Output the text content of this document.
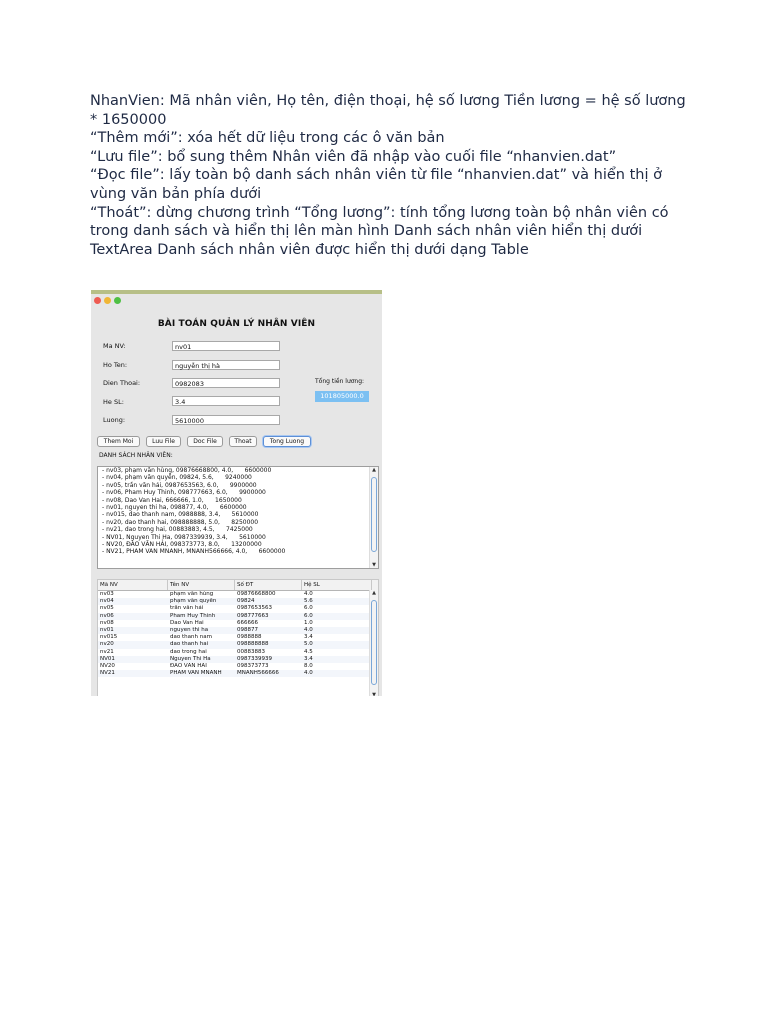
NhanVien: Mã nhân viên, Họ tên, điện thoại, hệ số lương Tiền lương = hệ số lương * 1650000

“Thêm mới”: xóa hết dữ liệu trong các ô văn bản

“Lưu file”: bổ sung thêm Nhân viên đã nhập vào cuối file “nhanvien.dat”

“Đọc file”: lấy toàn bộ danh sách nhân viên từ file “nhanvien.dat” và hiển thị ở vùng văn bản phía dưới

“Thoát”: dừng chương trình “Tổng lương”: tính tổng lương toàn bộ nhân viên có trong danh sách và hiển thị lên màn hình Danh sách nhân viên hiển thị dưới TextArea Danh sách nhân viên được hiển thị dưới dạng Table

BÀI TOÁN QUẢN LÝ NHÂN VIÊN
Ma NV:	nv01
Ho Ten:	nguyễn thị hà
Dien Thoai:	0982083
He SL:	3.4
Luong:	5610000
Tổng tiền lương:
101805000.0
Them Moi	Luu File	Doc File	Thoat	Tong Luong
DANH SÁCH NHÂN VIÊN:
- nv03, phạm văn hùng, 09876668800, 4.0,      6600000
- nv04, phạm văn quyền, 09824, 5.6,      9240000
- nv05, trần văn hải, 0987653563, 6.0,      9900000
- nv06, Pham Huy Thinh, 098777663, 6.0,      9900000
- nv08, Dao Van Hai, 666666, 1.0,      1650000
- nv01, nguyen thi ha, 098877, 4.0,      6600000
- nv015, dao thanh nam, 0988888, 3.4,      5610000
- nv20, dao thanh hai, 098888888, 5.0,      8250000
- nv21, dao trong hai, 00883883, 4.5,      7425000
- NV01, Nguyen Thi Ha, 0987339939, 3.4,      5610000
- NV20, ĐÀO VĂN HẢI, 098373773, 8.0,      13200000
- NV21, PHAM VAN MNANH, MNANH566666, 4.0,      6600000
▲
▼
Mã NV	Tên NV	Số ĐT	Hệ SL
nv03	phạm văn hùng	09876668800	4.0
nv04	phạm văn quyền	09824	5.6
nv05	trần văn hải	0987653563	6.0
nv06	Pham Huy Thinh	098777663	6.0
nv08	Dao Van Hai	666666	1.0
nv01	nguyen thi ha	098877	4.0
nv015	dao thanh nam	0988888	3.4
nv20	dao thanh hai	098888888	5.0
nv21	dao trong hai	00883883	4.5
NV01	Nguyen Thi Ha	0987339939	3.4
NV20	ĐÀO VĂN HẢI	098373773	8.0
NV21	PHAM VAN MNANH	MNANH566666	4.0
▲
▼
